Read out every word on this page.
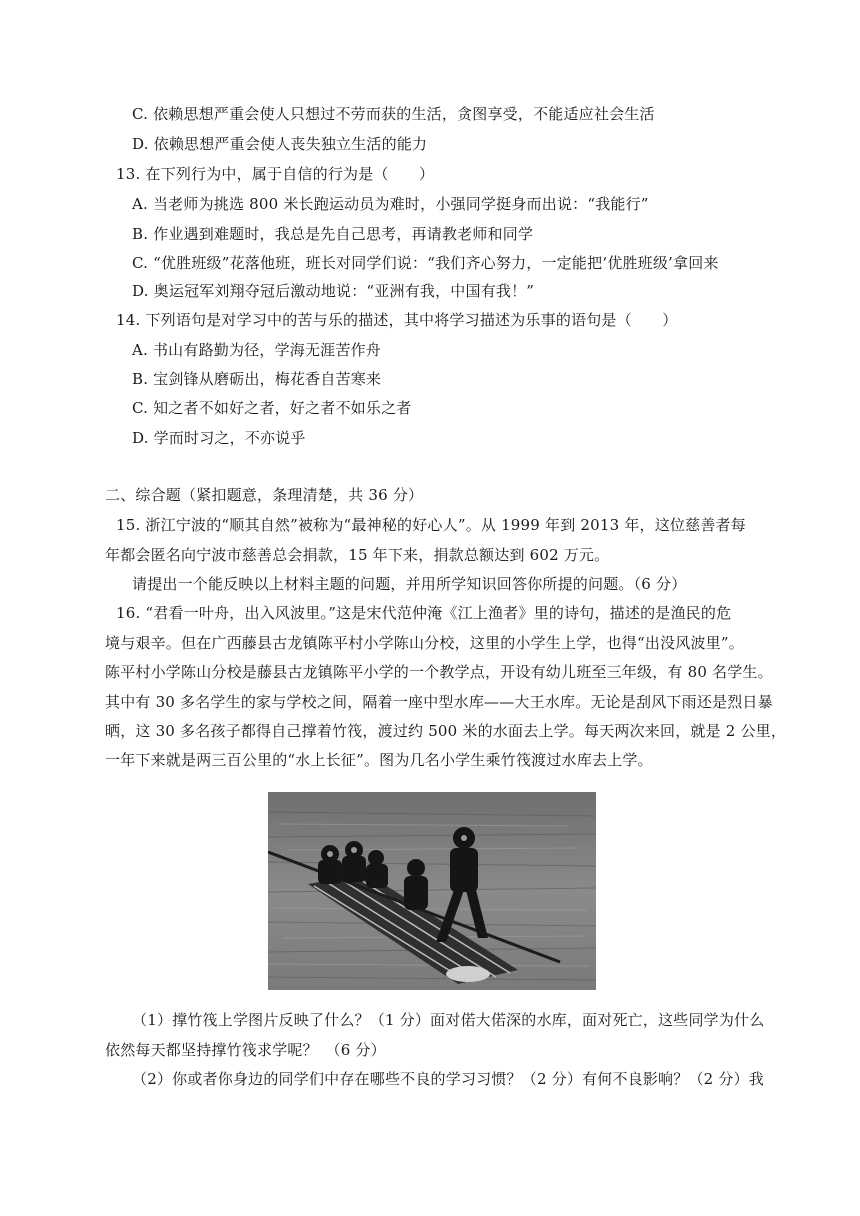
C. 依赖思想严重会使人只想过不劳而获的生活，贪图享受，不能适应社会生活
D. 依赖思想严重会使人丧失独立生活的能力
13. 在下列行为中，属于自信的行为是（　　）
A. 当老师为挑选 800 米长跑运动员为难时，小强同学挺身而出说：“我能行”
B. 作业遇到难题时，我总是先自己思考，再请教老师和同学
C. “优胜班级”花落他班，班长对同学们说：“我们齐心努力，一定能把‘优胜班级’拿回来
D. 奥运冠军刘翔夺冠后激动地说：“亚洲有我，中国有我！”
14. 下列语句是对学习中的苦与乐的描述，其中将学习描述为乐事的语句是（　　）
A. 书山有路勤为径，学海无涯苦作舟
B. 宝剑锋从磨砺出，梅花香自苦寒来
C. 知之者不如好之者，好之者不如乐之者
D. 学而时习之，不亦说乎
二、综合题（紧扣题意，条理清楚，共 36 分）
15. 浙江宁波的“顺其自然”被称为“最神秘的好心人”。从 1999 年到 2013 年，这位慈善者每
年都会匿名向宁波市慈善总会捐款，15 年下来，捐款总额达到 602 万元。
请提出一个能反映以上材料主题的问题，并用所学知识回答你所提的问题。（6 分）
16. “君看一叶舟，出入风波里。”这是宋代范仲淹《江上渔者》里的诗句，描述的是渔民的危
境与艰辛。但在广西藤县古龙镇陈平村小学陈山分校，这里的小学生上学，也得“出没风波里”。
陈平村小学陈山分校是藤县古龙镇陈平小学的一个教学点，开设有幼儿班至三年级，有 80 名学生。
其中有 30 多名学生的家与学校之间，隔着一座中型水库——大王水库。无论是刮风下雨还是烈日暴
晒，这 30 多名孩子都得自己撑着竹筏，渡过约 500 米的水面去上学。每天两次来回，就是 2 公里，
一年下来就是两三百公里的“水上长征”。图为几名小学生乘竹筏渡过水库去上学。
（1）撑竹筏上学图片反映了什么？（1 分）面对偌大偌深的水库，面对死亡，这些同学为什么
依然每天都坚持撑竹筏求学呢？　（6 分）
（2）你或者你身边的同学们中存在哪些不良的学习习惯？（2 分）有何不良影响？（2 分）我
